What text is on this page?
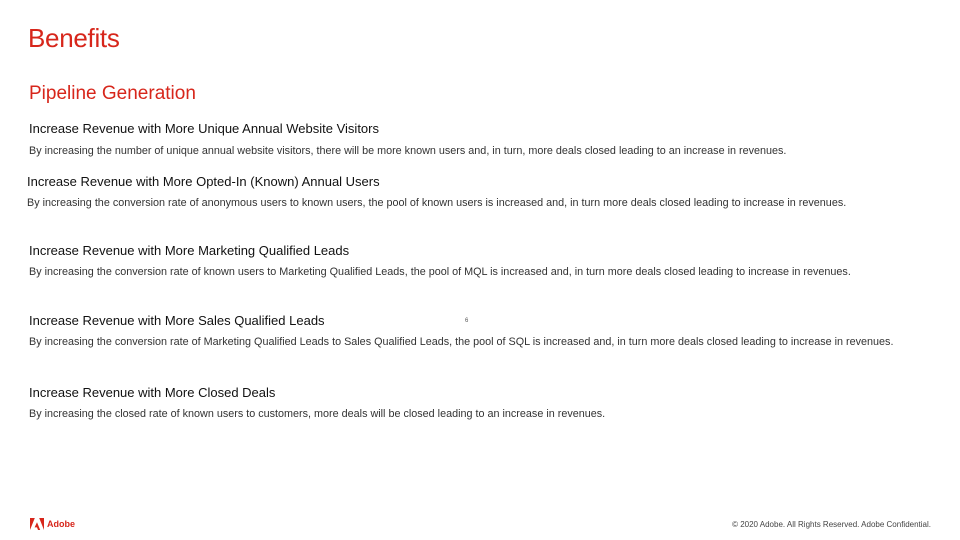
Benefits
Pipeline Generation
Increase Revenue with More Unique Annual Website Visitors
By increasing the number of unique annual website visitors, there will be more known users and, in turn, more deals closed leading to an increase in revenues.
Increase Revenue with More Opted-In (Known) Annual Users
By increasing the conversion rate of anonymous users to known users, the pool of known users is increased and, in turn more deals closed leading to increase in revenues.
Increase Revenue with More Marketing Qualified Leads
By increasing the conversion rate of known users to Marketing Qualified Leads, the pool of MQL is increased and, in turn more deals closed leading to increase in revenues.
Increase Revenue with More Sales Qualified Leads	6
By increasing the conversion rate of Marketing Qualified Leads to Sales Qualified Leads, the pool of SQL is increased and, in turn more deals closed leading to increase in revenues.
Increase Revenue with More Closed Deals
By increasing the closed rate of known users to customers, more deals will be closed leading to an increase in revenues.
Adobe	© 2020 Adobe. All Rights Reserved. Adobe Confidential.
